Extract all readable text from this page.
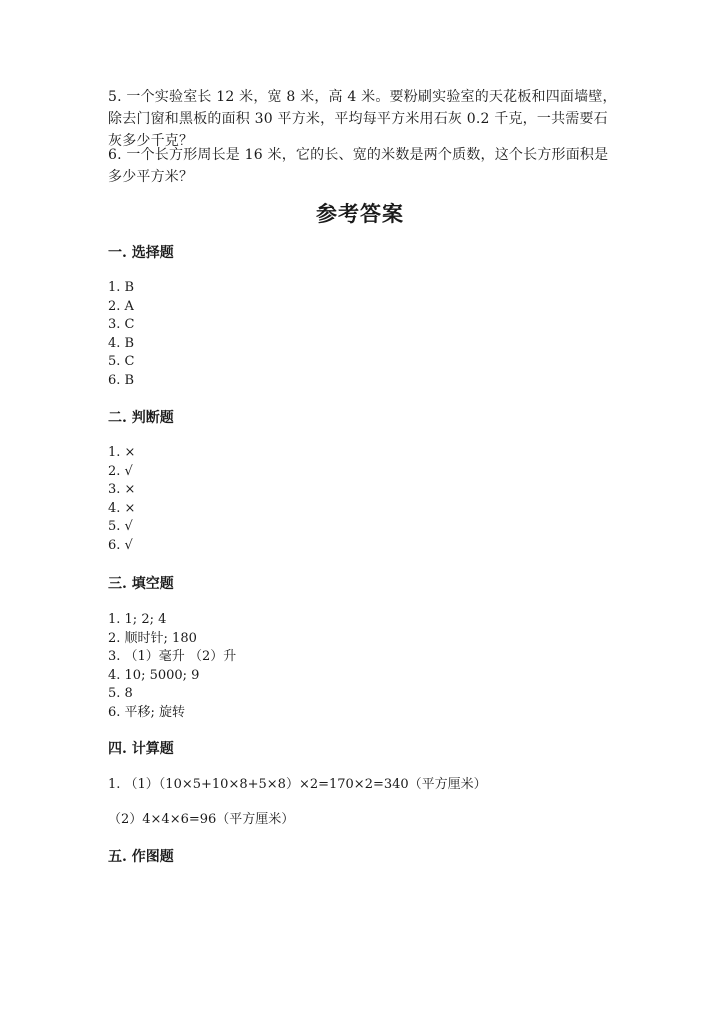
5. 一个实验室长 12 米，宽 8 米，高 4 米。要粉刷实验室的天花板和四面墙壁，除去门窗和黑板的面积 30 平方米，平均每平方米用石灰 0.2 千克，一共需要石灰多少千克？
6. 一个长方形周长是 16 米，它的长、宽的米数是两个质数，这个长方形面积是多少平方米？
参考答案
一. 选择题
1. B
2. A
3. C
4. B
5. C
6. B
二. 判断题
1. ×
2. √
3. ×
4. ×
5. √
6. √
三. 填空题
1. 1; 2; 4
2. 顺时针; 180
3. （1）毫升 （2）升
4. 10; 5000; 9
5. 8
6. 平移; 旋转
四. 计算题
1. （1）（10×5+10×8+5×8）×2=170×2=340（平方厘米）
（2）4×4×6=96（平方厘米）
五. 作图题
